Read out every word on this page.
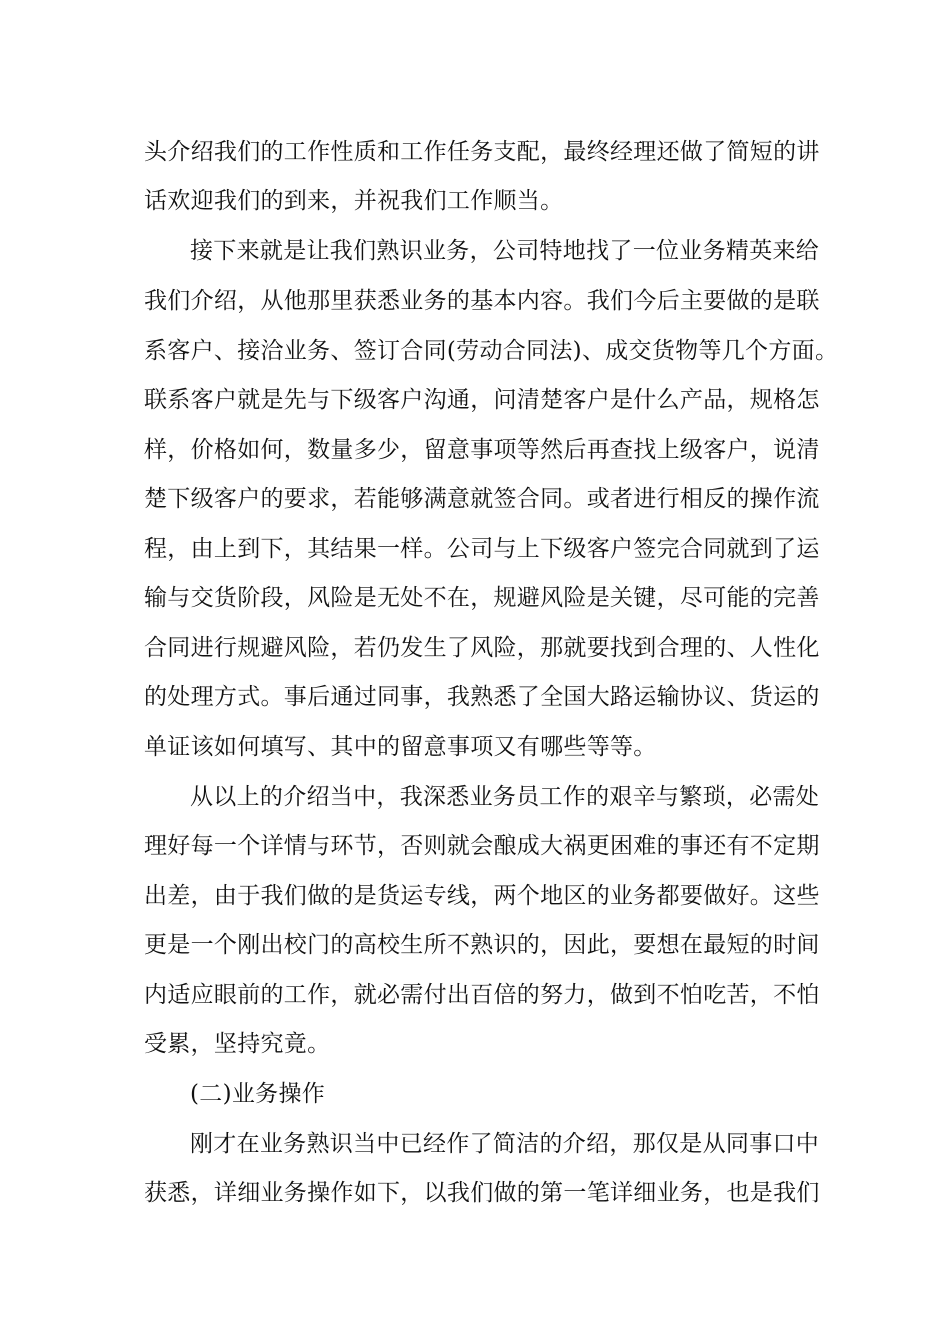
头介绍我们的工作性质和工作任务支配，最终经理还做了简短的讲
话欢迎我们的到来，并祝我们工作顺当。
接下来就是让我们熟识业务，公司特地找了一位业务精英来给
我们介绍，从他那里获悉业务的基本内容。我们今后主要做的是联
系客户、接洽业务、签订合同(劳动合同法)、成交货物等几个方面。
联系客户就是先与下级客户沟通，问清楚客户是什么产品，规格怎
样，价格如何，数量多少，留意事项等然后再查找上级客户，说清
楚下级客户的要求，若能够满意就签合同。或者进行相反的操作流
程，由上到下，其结果一样。公司与上下级客户签完合同就到了运
输与交货阶段，风险是无处不在，规避风险是关键，尽可能的完善
合同进行规避风险，若仍发生了风险，那就要找到合理的、人性化
的处理方式。事后通过同事，我熟悉了全国大路运输协议、货运的
单证该如何填写、其中的留意事项又有哪些等等。
从以上的介绍当中，我深悉业务员工作的艰辛与繁琐，必需处
理好每一个详情与环节，否则就会酿成大祸更困难的事还有不定期
出差，由于我们做的是货运专线，两个地区的业务都要做好。这些
更是一个刚出校门的高校生所不熟识的，因此，要想在最短的时间
内适应眼前的工作，就必需付出百倍的努力，做到不怕吃苦，不怕
受累，坚持究竟。
(二)业务操作
刚才在业务熟识当中已经作了简洁的介绍，那仅是从同事口中
获悉，详细业务操作如下，以我们做的第一笔详细业务，也是我们
